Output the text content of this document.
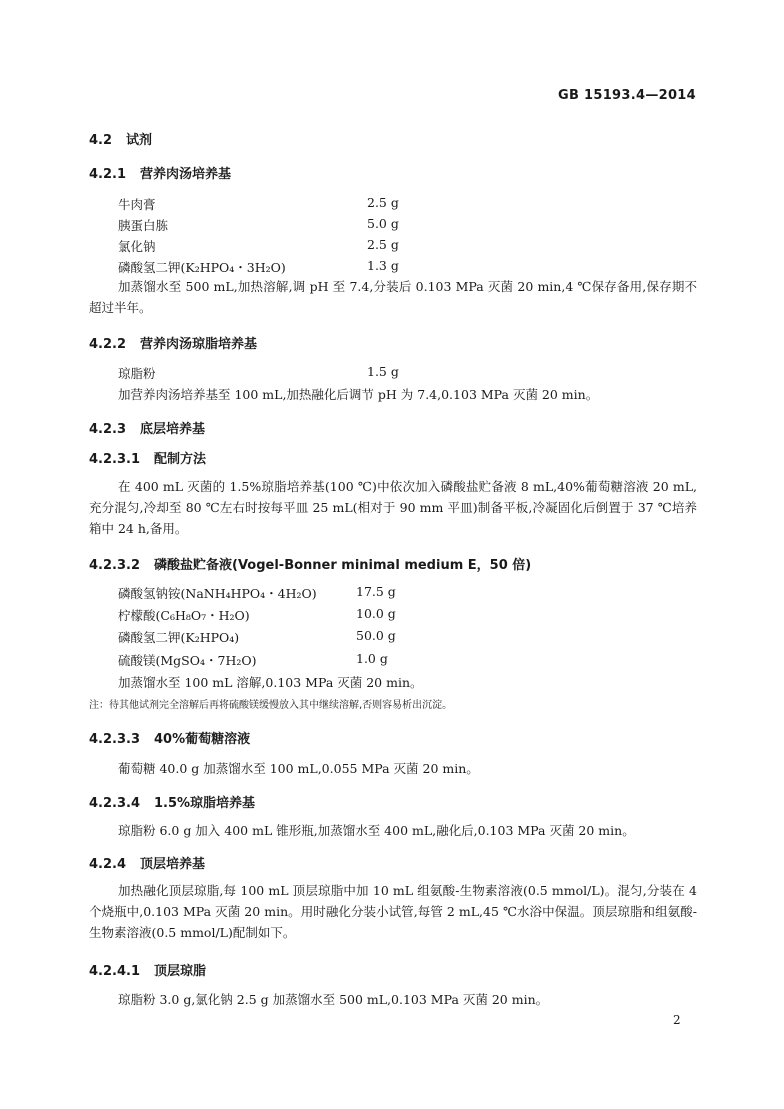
GB 15193.4—2014
4.2 试剂
4.2.1 营养肉汤培养基
牛肉膏	2.5 g
胰蛋白胨	5.0 g
氯化钠	2.5 g
磷酸氢二钾(K₂HPO₄・3H₂O)	1.3 g
加蒸馏水至 500 mL,加热溶解,调 pH 至 7.4,分装后 0.103 MPa 灭菌 20 min,4 ℃保存备用,保存期不超过半年。
4.2.2 营养肉汤琼脂培养基
琼脂粉	1.5 g
加营养肉汤培养基至 100 mL,加热融化后调节 pH 为 7.4,0.103 MPa 灭菌 20 min。
4.2.3 底层培养基
4.2.3.1 配制方法
在 400 mL 灭菌的 1.5%琼脂培养基(100 ℃)中依次加入磷酸盐贮备液 8 mL,40%葡萄糖溶液 20 mL,充分混匀,冷却至 80 ℃左右时按每平皿 25 mL(相对于 90 mm 平皿)制备平板,冷凝固化后倒置于 37 ℃培养箱中 24 h,备用。
4.2.3.2 磷酸盐贮备液(Vogel-Bonner minimal medium E，50 倍)
磷酸氢钠铵(NaNH₄HPO₄・4H₂O)	17.5 g
柠檬酸(C₆H₈O₇・H₂O)	10.0 g
磷酸氢二钾(K₂HPO₄)	50.0 g
硫酸镁(MgSO₄・7H₂O)	1.0 g
加蒸馏水至 100 mL 溶解,0.103 MPa 灭菌 20 min。
注：待其他试剂完全溶解后再将硫酸镁缓慢放入其中继续溶解,否则容易析出沉淀。
4.2.3.3 40%葡萄糖溶液
葡萄糖 40.0 g 加蒸馏水至 100 mL,0.055 MPa 灭菌 20 min。
4.2.3.4 1.5%琼脂培养基
琼脂粉 6.0 g 加入 400 mL 锥形瓶,加蒸馏水至 400 mL,融化后,0.103 MPa 灭菌 20 min。
4.2.4 顶层培养基
加热融化顶层琼脂,每 100 mL 顶层琼脂中加 10 mL 组氨酸-生物素溶液(0.5 mmol/L)。混匀,分装在 4 个烧瓶中,0.103 MPa 灭菌 20 min。用时融化分装小试管,每管 2 mL,45 ℃水浴中保温。顶层琼脂和组氨酸-生物素溶液(0.5 mmol/L)配制如下。
4.2.4.1 顶层琼脂
琼脂粉 3.0 g,氯化钠 2.5 g 加蒸馏水至 500 mL,0.103 MPa 灭菌 20 min。
2
